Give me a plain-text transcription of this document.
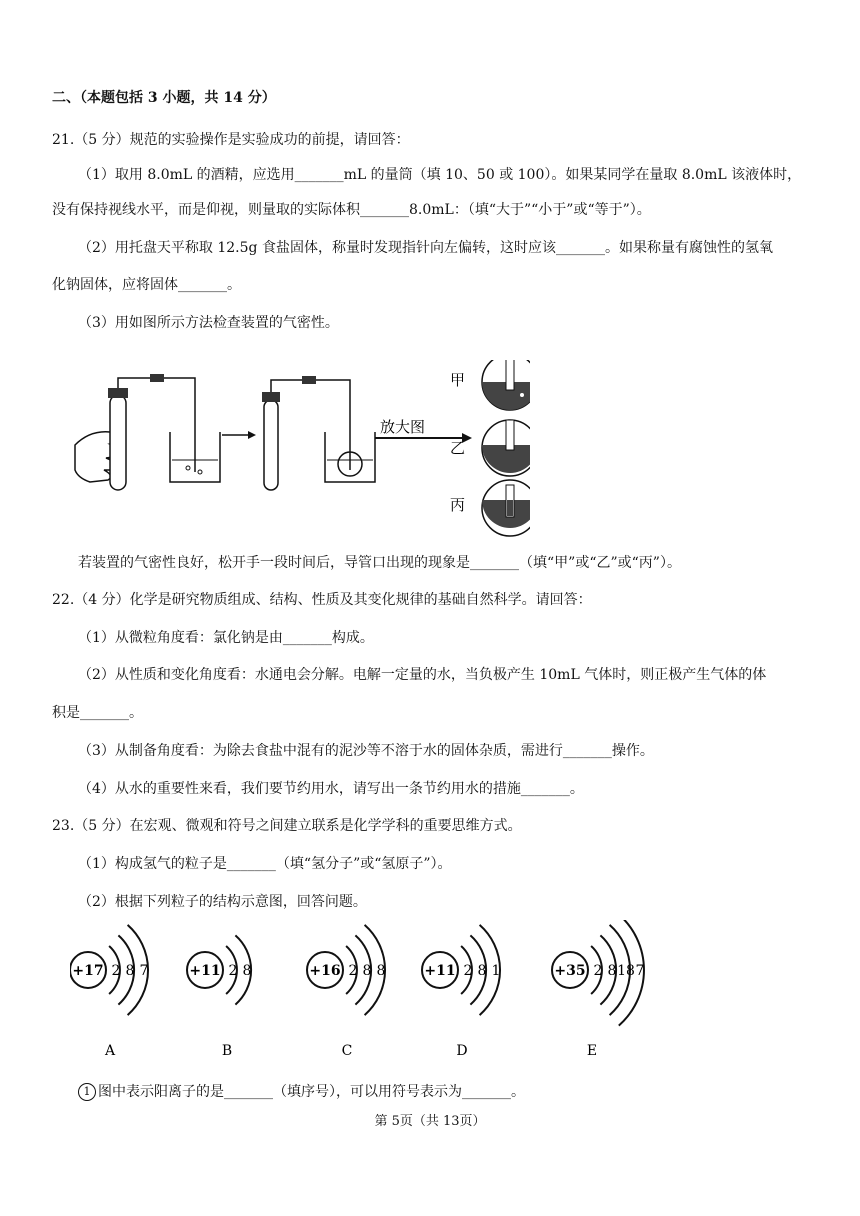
二、（本题包括 3 小题，共 14 分）
21.（5 分）规范的实验操作是实验成功的前提，请回答：
（1）取用 8.0mL 的酒精，应选用_______mL 的量筒（填 10、50 或 100）。如果某同学在量取 8.0mL 该液体时，
没有保持视线水平，而是仰视，则量取的实际体积_______8.0mL：（填“大于”“小于”或“等于”）。
（2）用托盘天平称取 12.5g 食盐固体，称量时发现指针向左偏转，这时应该_______。如果称量有腐蚀性的氢氧
化钠固体，应将固体_______。
（3）用如图所示方法检查装置的气密性。
放大图
甲
乙
丙
若装置的气密性良好，松开手一段时间后，导管口出现的现象是_______（填“甲”或“乙”或“丙”）。
22.（4 分）化学是研究物质组成、结构、性质及其变化规律的基础自然科学。请回答：
（1）从微粒角度看：氯化钠是由_______构成。
（2）从性质和变化角度看：水通电会分解。电解一定量的水，当负极产生 10mL 气体时，则正极产生气体的体
积是_______。
（3）从制备角度看：为除去食盐中混有的泥沙等不溶于水的固体杂质，需进行_______操作。
（4）从水的重要性来看，我们要节约用水，请写出一条节约用水的措施_______。
23.（5 分）在宏观、微观和符号之间建立联系是化学学科的重要思维方式。
（1）构成氢气的粒子是_______（填“氢分子”或“氢原子”）。
（2）根据下列粒子的结构示意图，回答问题。
+17 2 8 7
A
+11 2 8
B
+16 2 8 8
C
+11 2 8 1
D
+35 2 8 18 7
E
1 图中表示阳离子的是_______（填序号），可以用符号表示为_______。
第 5页（共 13页）
